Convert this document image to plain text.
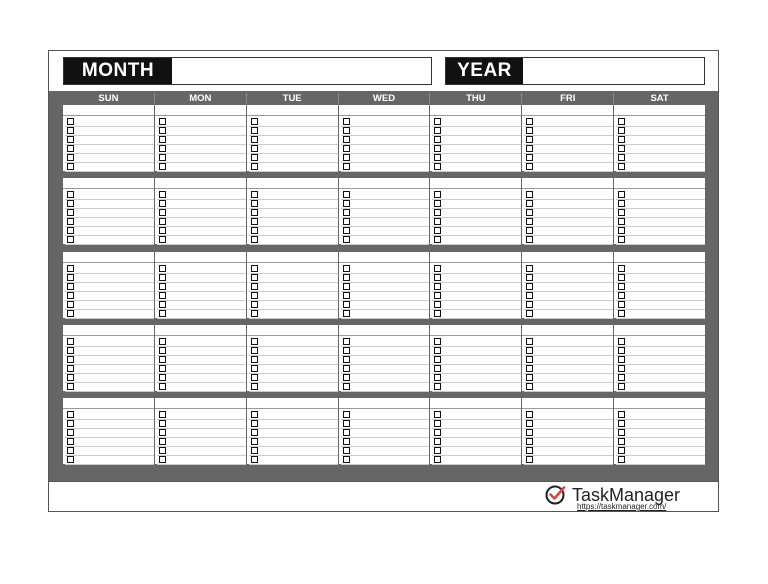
MONTH	YEAR
SUN	MON	TUE	WED	THU	FRI	SAT
TaskManager
https://taskmanager.com/
